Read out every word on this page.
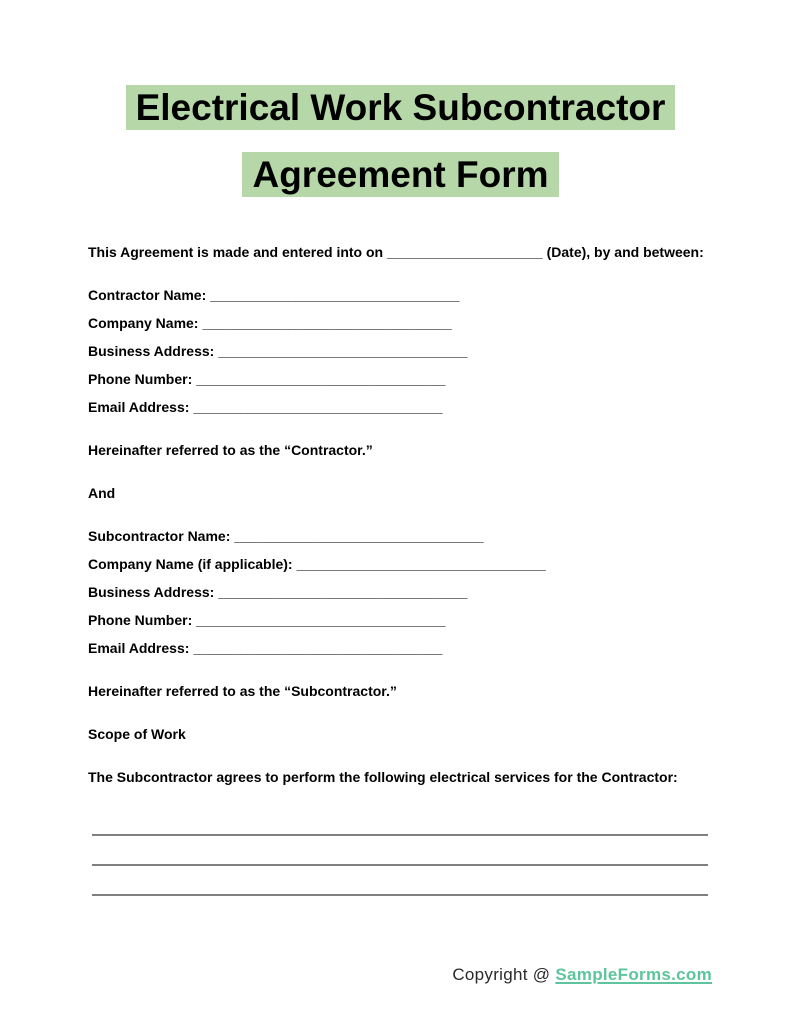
Electrical Work Subcontractor
Agreement Form

This Agreement is made and entered into on ____________________ (Date), by and between:

Contractor Name: ________________________________
Company Name: ________________________________
Business Address: ________________________________
Phone Number: ________________________________
Email Address: ________________________________

Hereinafter referred to as the “Contractor.”

And

Subcontractor Name: ________________________________
Company Name (if applicable): ________________________________
Business Address: ________________________________
Phone Number: ________________________________
Email Address: ________________________________

Hereinafter referred to as the “Subcontractor.”

Scope of Work

The Subcontractor agrees to perform the following electrical services for the Contractor:

Copyright @ SampleForms.com
